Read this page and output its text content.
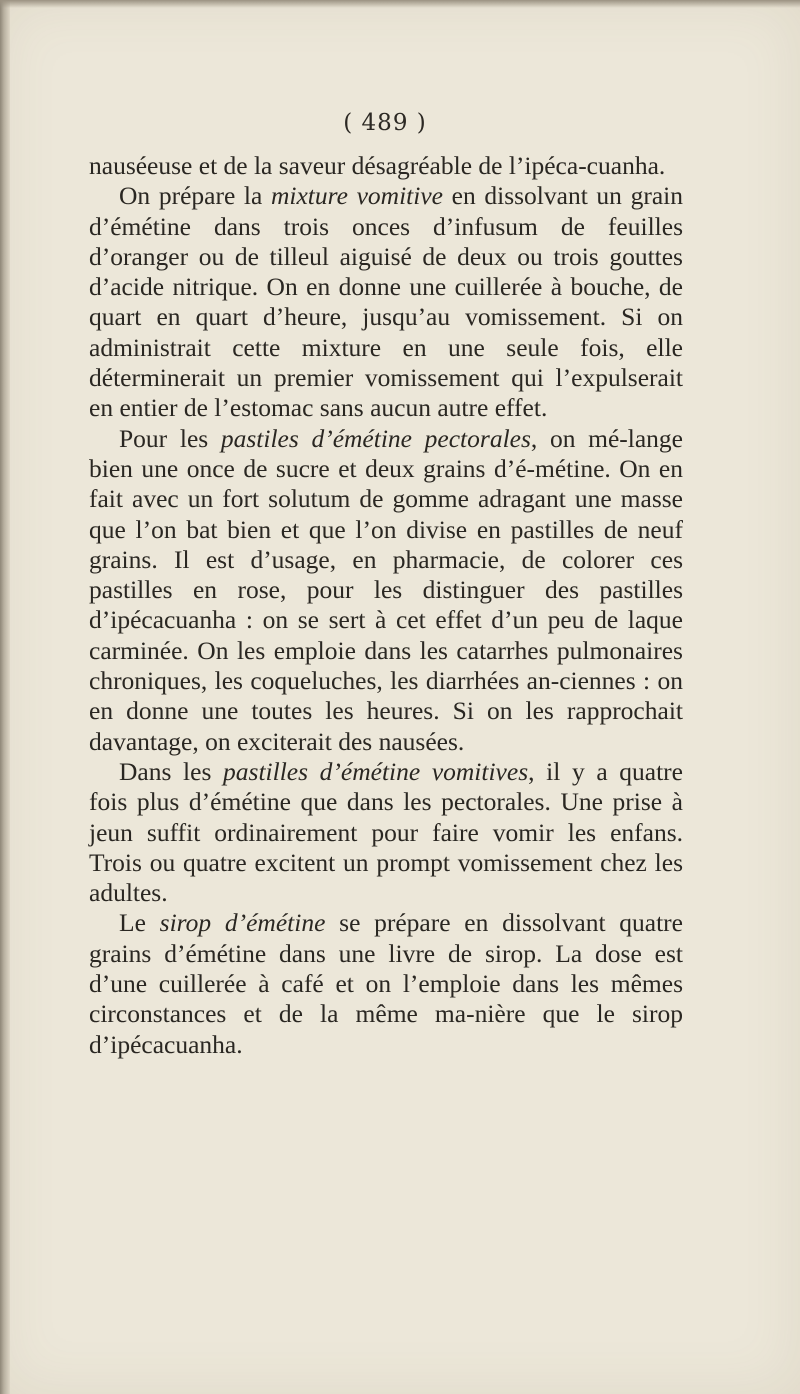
( 489 )

nauséeuse et de la saveur désagréable de l’ipéca-cuanha.

On prépare la mixture vomitive en dissolvant un grain d’émétine dans trois onces d’infusum de feuilles d’oranger ou de tilleul aiguisé de deux ou trois gouttes d’acide nitrique. On en donne une cuillerée à bouche, de quart en quart d’heure, jusqu’au vomissement. Si on administrait cette mixture en une seule fois, elle déterminerait un premier vomissement qui l’expulserait en entier de l’estomac sans aucun autre effet.

Pour les pastiles d’émétine pectorales, on mé-lange bien une once de sucre et deux grains d’é-métine. On en fait avec un fort solutum de gomme adragant une masse que l’on bat bien et que l’on divise en pastilles de neuf grains. Il est d’usage, en pharmacie, de colorer ces pastilles en rose, pour les distinguer des pastilles d’ipécacuanha : on se sert à cet effet d’un peu de laque carminée. On les emploie dans les catarrhes pulmonaires chroniques, les coqueluches, les diarrhées an-ciennes : on en donne une toutes les heures. Si on les rapprochait davantage, on exciterait des nausées.

Dans les pastilles d’émétine vomitives, il y a quatre fois plus d’émétine que dans les pectorales. Une prise à jeun suffit ordinairement pour faire vomir les enfans. Trois ou quatre excitent un prompt vomissement chez les adultes.

Le sirop d’émétine se prépare en dissolvant quatre grains d’émétine dans une livre de sirop. La dose est d’une cuillerée à café et on l’emploie dans les mêmes circonstances et de la même ma-nière que le sirop d’ipécacuanha.
